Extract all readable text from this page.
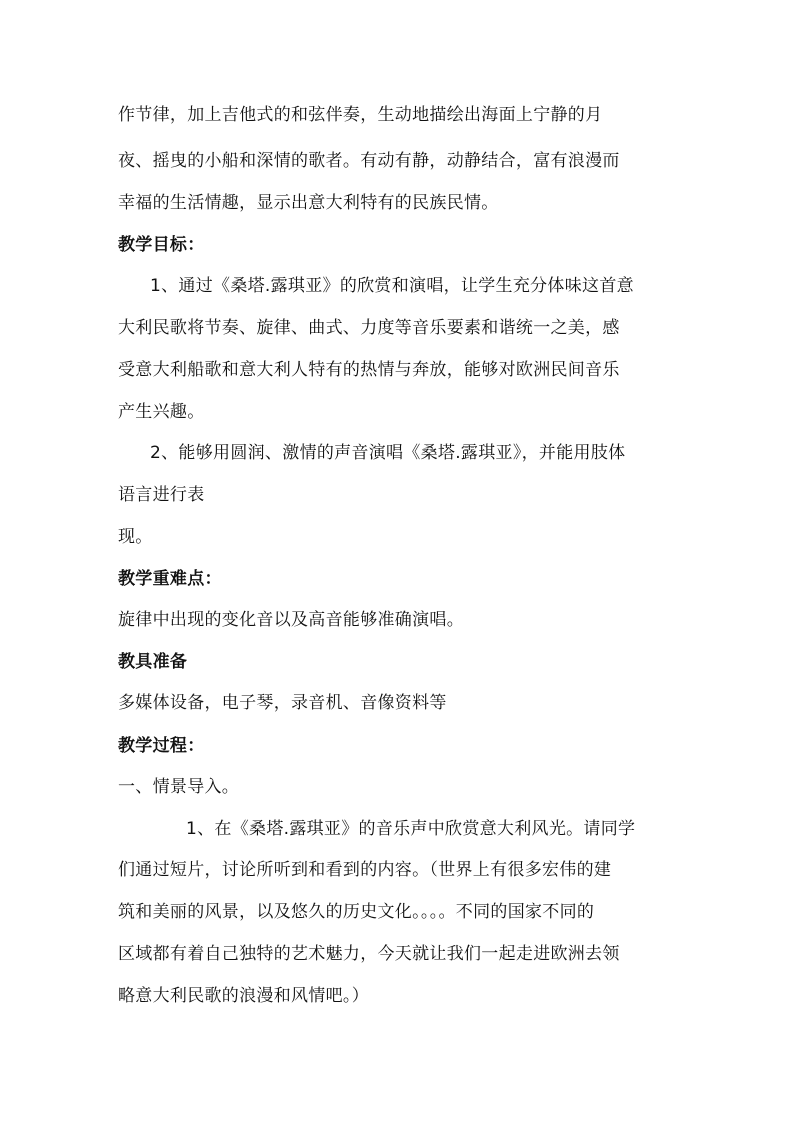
作节律，加上吉他式的和弦伴奏，生动地描绘出海面上宁静的月
夜、摇曳的小船和深情的歌者。有动有静，动静结合，富有浪漫而
幸福的生活情趣，显示出意大利特有的民族民情。
教学目标：
1、通过《桑塔.露琪亚》的欣赏和演唱，让学生充分体味这首意
大利民歌将节奏、旋律、曲式、力度等音乐要素和谐统一之美，感
受意大利船歌和意大利人特有的热情与奔放，能够对欧洲民间音乐
产生兴趣。
2、能够用圆润、激情的声音演唱《桑塔.露琪亚》，并能用肢体
语言进行表
现。
教学重难点：
旋律中出现的变化音以及高音能够准确演唱。
教具准备
多媒体设备，电子琴，录音机、音像资料等
教学过程：
一、情景导入。
1、在《桑塔.露琪亚》的音乐声中欣赏意大利风光。请同学
们通过短片，讨论所听到和看到的内容。（世界上有很多宏伟的建
筑和美丽的风景，以及悠久的历史文化。。。。不同的国家不同的
区域都有着自己独特的艺术魅力，今天就让我们一起走进欧洲去领
略意大利民歌的浪漫和风情吧。）
